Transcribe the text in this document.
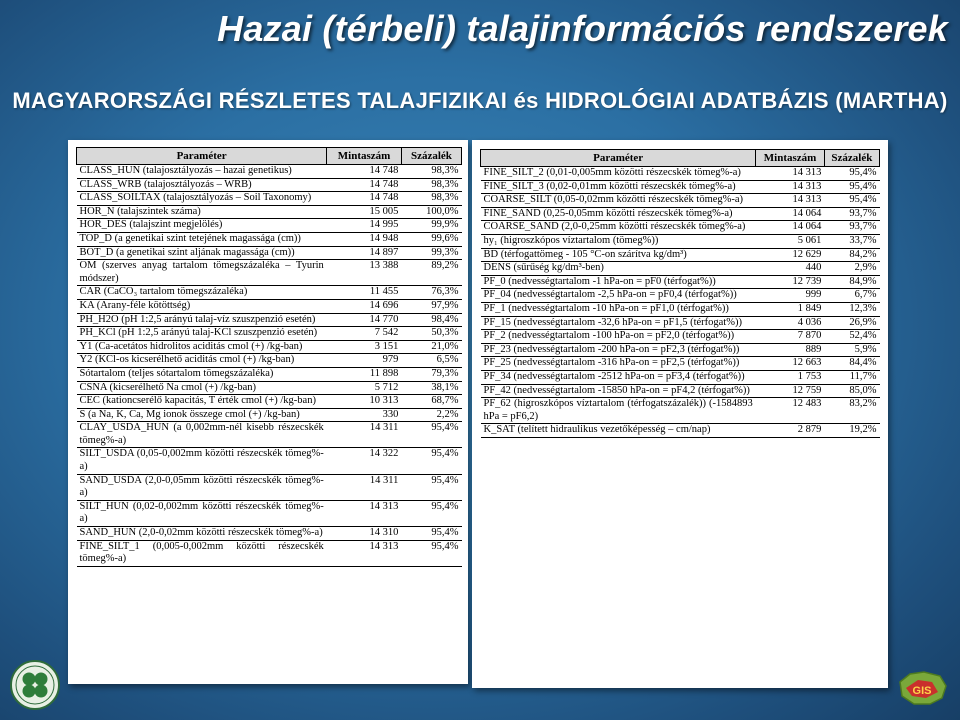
Hazai (térbeli) talajinformációs rendszerek
MAGYARORSZÁGI RÉSZLETES TALAJFIZIKAI és HIDROLÓGIAI ADATBÁZIS (MARTHA)
Paraméter	Mintaszám	Százalék
CLASS_HUN (talajosztályozás – hazai genetikus)	14 748	98,3%
CLASS_WRB (talajosztályozás – WRB)	14 748	98,3%
CLASS_SOILTAX (talajosztályozás – Soil Taxonomy)	14 748	98,3%
HOR_N (talajszintek száma)	15 005	100,0%
HOR_DES (talajszint megjelölés)	14 995	99,9%
TOP_D (a genetikai szint tetejének magassága (cm))	14 948	99,6%
BOT_D (a genetikai szint aljának magassága (cm))	14 897	99,3%
OM (szerves anyag tartalom tömegszázaléka – Tyurin módszer)	13 388	89,2%
CAR (CaCO₃ tartalom tömegszázaléka)	11 455	76,3%
KA (Arany-féle kötöttség)	14 696	97,9%
PH_H2O (pH 1:2,5 arányú talaj-víz szuszpenzió esetén)	14 770	98,4%
PH_KCl (pH 1:2,5 arányú talaj-KCl szuszpenzió esetén)	7 542	50,3%
Y1 (Ca-acetátos hidrolitos aciditás cmol (+) /kg-ban)	3 151	21,0%
Y2 (KCl-os kicserélhető aciditás cmol (+) /kg-ban)	979	6,5%
Sótartalom (teljes sótartalom tömegszázaléka)	11 898	79,3%
CSNA (kicserélhető Na cmol (+) /kg-ban)	5 712	38,1%
CEC (kationcserélő kapacitás, T érték cmol (+) /kg-ban)	10 313	68,7%
S (a Na, K, Ca, Mg ionok összege cmol (+) /kg-ban)	330	2,2%
CLAY_USDA_HUN (a 0,002mm-nél kisebb részecskék tömeg%-a)	14 311	95,4%
SILT_USDA (0,05-0,002mm közötti részecskék tömeg%-a)	14 322	95,4%
SAND_USDA (2,0-0,05mm közötti részecskék tömeg%-a)	14 311	95,4%
SILT_HUN (0,02-0,002mm közötti részecskék tömeg%-a)	14 313	95,4%
SAND_HUN (2,0-0,02mm közötti részecskék tömeg%-a)	14 310	95,4%
FINE_SILT_1 (0,005-0,002mm közötti részecskék tömeg%-a)	14 313	95,4%
Paraméter	Mintaszám	Százalék
FINE_SILT_2 (0,01-0,005mm közötti részecskék tömeg%-a)	14 313	95,4%
FINE_SILT_3 (0,02-0,01mm közötti részecskék tömeg%-a)	14 313	95,4%
COARSE_SILT (0,05-0,02mm közötti részecskék tömeg%-a)	14 313	95,4%
FINE_SAND (0,25-0,05mm közötti részecskék tömeg%-a)	14 064	93,7%
COARSE_SAND (2,0-0,25mm közötti részecskék tömeg%-a)	14 064	93,7%
hy₁ (higroszkópos víztartalom (tömeg%))	5 061	33,7%
BD (térfogattömeg - 105 °C-on szárítva kg/dm³)	12 629	84,2%
DENS (sűrűség kg/dm³-ben)	440	2,9%
PF_0 (nedvességtartalom -1 hPa-on = pF0 (térfogat%))	12 739	84,9%
PF_04 (nedvességtartalom -2,5 hPa-on = pF0,4 (térfogat%))	999	6,7%
PF_1 (nedvességtartalom -10 hPa-on = pF1,0 (térfogat%))	1 849	12,3%
PF_15 (nedvességtartalom -32,6 hPa-on = pF1,5 (térfogat%))	4 036	26,9%
PF_2 (nedvességtartalom -100 hPa-on = pF2,0 (térfogat%))	7 870	52,4%
PF_23 (nedvességtartalom -200 hPa-on = pF2,3 (térfogat%))	889	5,9%
PF_25 (nedvességtartalom -316 hPa-on = pF2,5 (térfogat%))	12 663	84,4%
PF_34 (nedvességtartalom -2512 hPa-on = pF3,4 (térfogat%))	1 753	11,7%
PF_42 (nedvességtartalom -15850 hPa-on = pF4,2 (térfogat%))	12 759	85,0%
PF_62 (higroszkópos víztartalom (térfogatszázalék)) (-1584893 hPa = pF6,2)	12 483	83,2%
K_SAT (telített hidraulikus vezetőképesség – cm/nap)	2 879	19,2%
GIS
